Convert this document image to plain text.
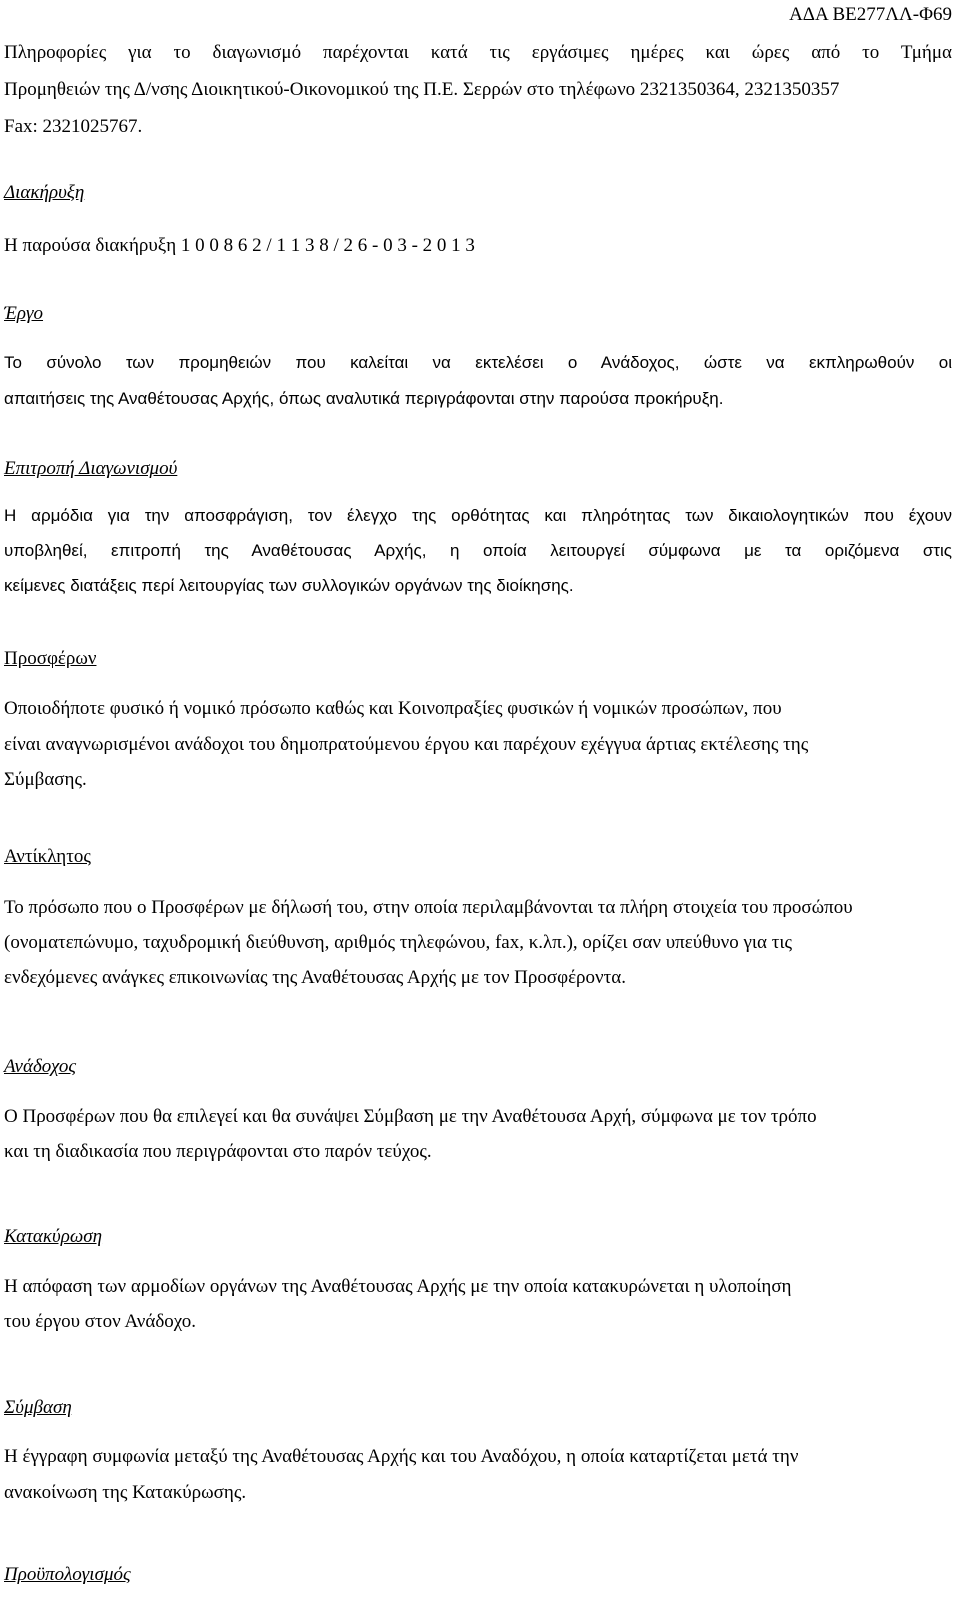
ΑΔΑ ΒΕ277ΛΛ-Φ69
Πληροφορίες για το διαγωνισμό παρέχονται κατά τις εργάσιμες ημέρες και ώρες από το Τμήμα
Προμηθειών της Δ/νσης Διοικητικού-Οικονομικού της Π.Ε. Σερρών στο τηλέφωνο 2321350364, 2321350357
Fax: 2321025767.
Διακήρυξη
Η παρούσα διακήρυξη 1 0 0 8 6 2 / 1 1 3 8 / 2 6 - 0 3 - 2 0 1 3
Έργο
Το σύνολο των προμηθειών που καλείται να εκτελέσει ο Ανάδοχος, ώστε να εκπληρωθούν οι
απαιτήσεις της Αναθέτουσας Αρχής, όπως αναλυτικά περιγράφονται στην παρούσα προκήρυξη.
Επιτροπή Διαγωνισμού
Η αρμόδια για την αποσφράγιση, τον έλεγχο της ορθότητας και πληρότητας των δικαιολογητικών που έχουν
υποβληθεί, επιτροπή της Αναθέτουσας Αρχής, η οποία λειτουργεί σύμφωνα με τα οριζόμενα στις
κείμενες διατάξεις περί λειτουργίας των συλλογικών οργάνων της διοίκησης.
Προσφέρων
Οποιοδήποτε φυσικό ή νομικό πρόσωπο καθώς και Κοινοπραξίες φυσικών ή νομικών προσώπων, που
είναι αναγνωρισμένοι ανάδοχοι του δημοπρατούμενου έργου και παρέχουν εχέγγυα άρτιας εκτέλεσης της
Σύμβασης.
Αντίκλητος
Το πρόσωπο που ο Προσφέρων με δήλωσή του, στην οποία περιλαμβάνονται τα πλήρη στοιχεία του προσώπου
(ονοματεπώνυμο, ταχυδρομική διεύθυνση, αριθμός τηλεφώνου, fax, κ.λπ.), ορίζει σαν υπεύθυνο για τις
ενδεχόμενες ανάγκες επικοινωνίας της Αναθέτουσας Αρχής με τον Προσφέροντα.
Ανάδοχος
Ο Προσφέρων που θα επιλεγεί και θα συνάψει Σύμβαση με την Αναθέτουσα Αρχή, σύμφωνα με τον τρόπο
και τη διαδικασία που περιγράφονται στο παρόν τεύχος.
Κατακύρωση
Η απόφαση των αρμοδίων οργάνων της Αναθέτουσας Αρχής με την οποία κατακυρώνεται η υλοποίηση
του έργου στον Ανάδοχο.
Σύμβαση
Η έγγραφη συμφωνία μεταξύ της Αναθέτουσας Αρχής και του Αναδόχου, η οποία καταρτίζεται μετά την
ανακοίνωση της Κατακύρωσης.
Προϋπολογισμός
